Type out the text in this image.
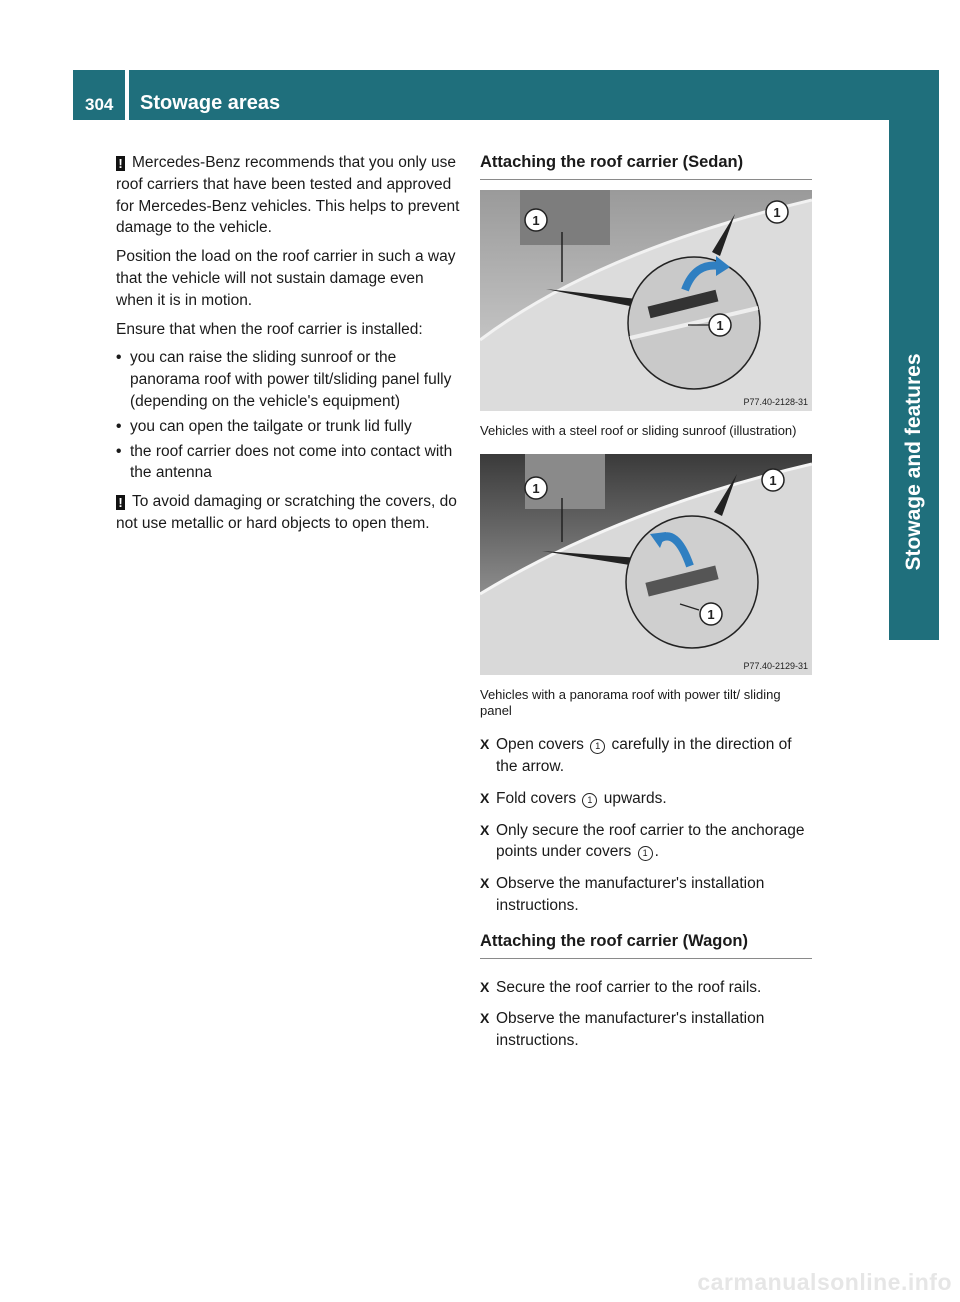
304 Stowage areas
Stowage and features

! Mercedes-Benz recommends that you only use roof carriers that have been tested and approved for Mercedes-Benz vehicles. This helps to prevent damage to the vehicle.

Position the load on the roof carrier in such a way that the vehicle will not sustain damage even when it is in motion.

Ensure that when the roof carrier is installed:

• you can raise the sliding sunroof or the panorama roof with power tilt/sliding panel fully (depending on the vehicle's equipment)
• you can open the tailgate or trunk lid fully
• the roof carrier does not come into contact with the antenna

! To avoid damaging or scratching the covers, do not use metallic or hard objects to open them.

Attaching the roof carrier (Sedan)
1
1
1
P77.40-2128-31
Vehicles with a steel roof or sliding sunroof (illustration)
1
1
1
P77.40-2129-31
Vehicles with a panorama roof with power tilt/ sliding panel
X Open covers 1 carefully in the direction of the arrow.
X Fold covers 1 upwards.
X Only secure the roof carrier to the anchorage points under covers 1 .
X Observe the manufacturer's installation instructions.
Attaching the roof carrier (Wagon)
X Secure the roof carrier to the roof rails.
X Observe the manufacturer's installation instructions.
carmanualsonline.info
